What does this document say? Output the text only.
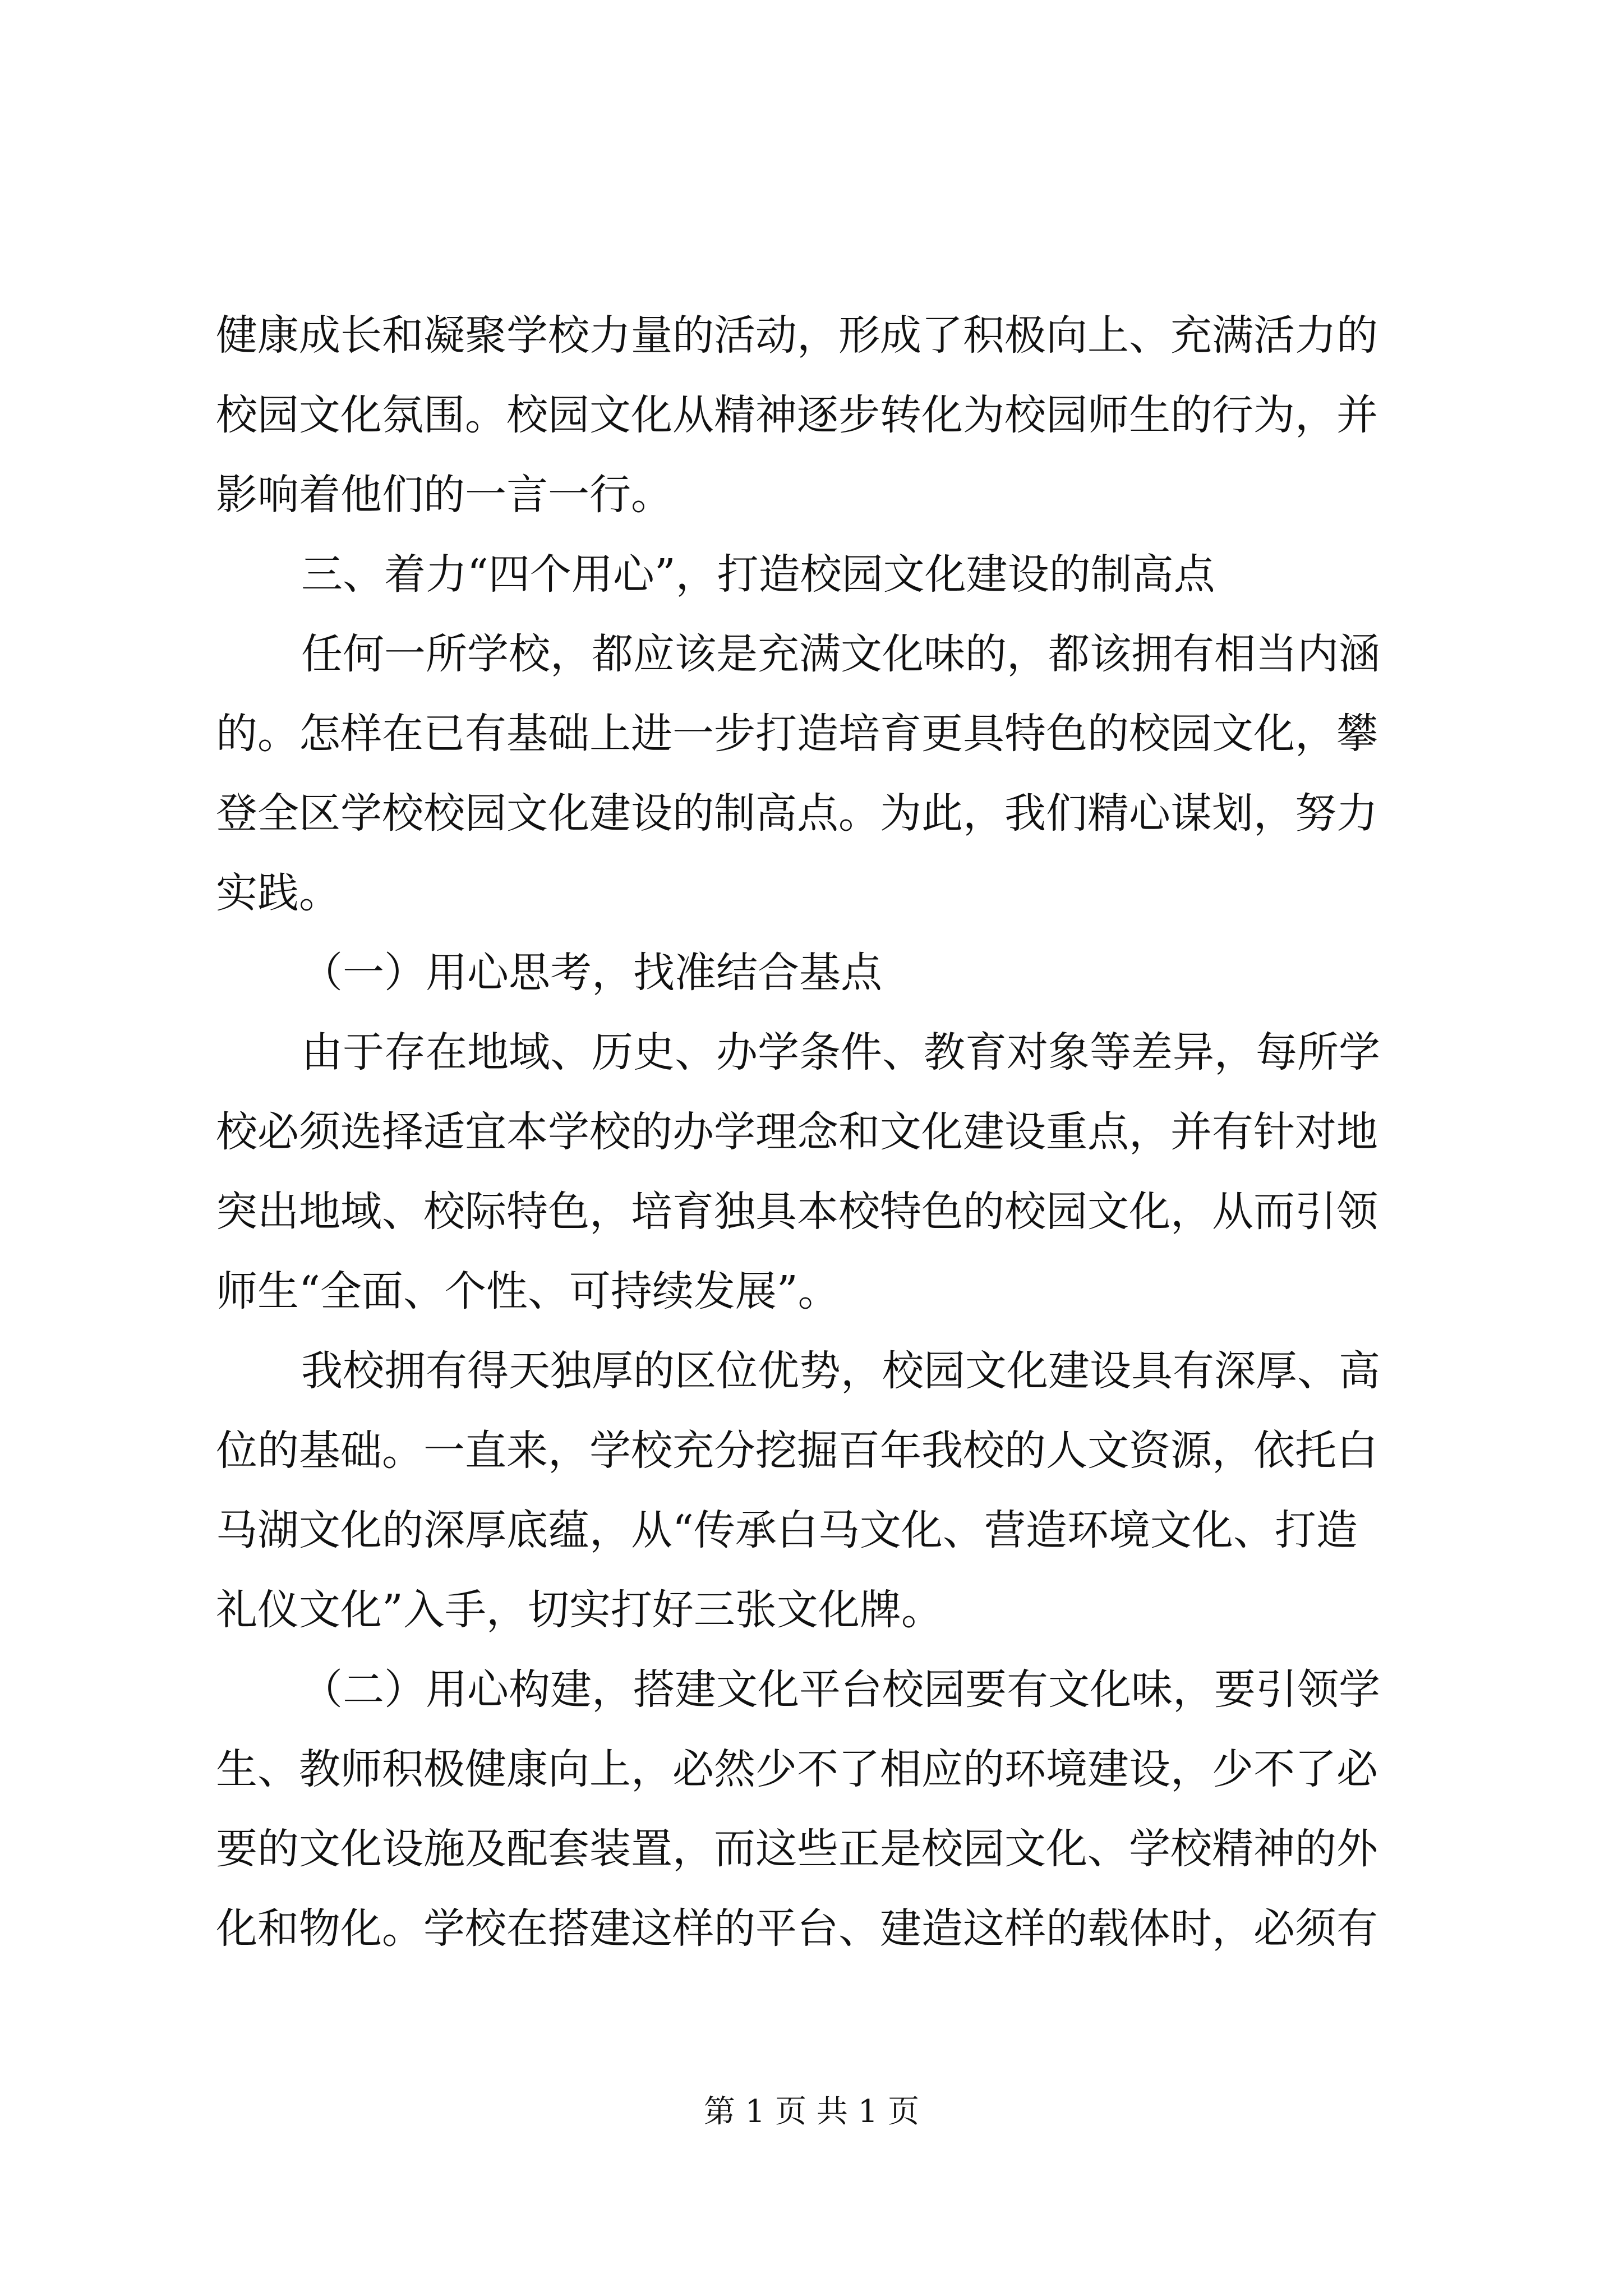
健康成长和凝聚学校力量的活动，形成了积极向上、充满活力的
校园文化氛围。校园文化从精神逐步转化为校园师生的行为，并
影响着他们的一言一行。
三、着力“四个用心”，打造校园文化建设的制高点
任何一所学校，都应该是充满文化味的，都该拥有相当内涵
的。怎样在已有基础上进一步打造培育更具特色的校园文化，攀
登全区学校校园文化建设的制高点。为此，我们精心谋划，努力
实践。
（一）用心思考，找准结合基点
由于存在地域、历史、办学条件、教育对象等差异，每所学
校必须选择适宜本学校的办学理念和文化建设重点，并有针对地
突出地域、校际特色，培育独具本校特色的校园文化，从而引领
师生“全面、个性、可持续发展”。
我校拥有得天独厚的区位优势，校园文化建设具有深厚、高
位的基础。一直来，学校充分挖掘百年我校的人文资源，依托白
马湖文化的深厚底蕴，从“传承白马文化、营造环境文化、打造
礼仪文化”入手，切实打好三张文化牌。
（二）用心构建，搭建文化平台校园要有文化味，要引领学
生、教师积极健康向上，必然少不了相应的环境建设，少不了必
要的文化设施及配套装置，而这些正是校园文化、学校精神的外
化和物化。学校在搭建这样的平台、建造这样的载体时，必须有
第 1 页 共 1 页
